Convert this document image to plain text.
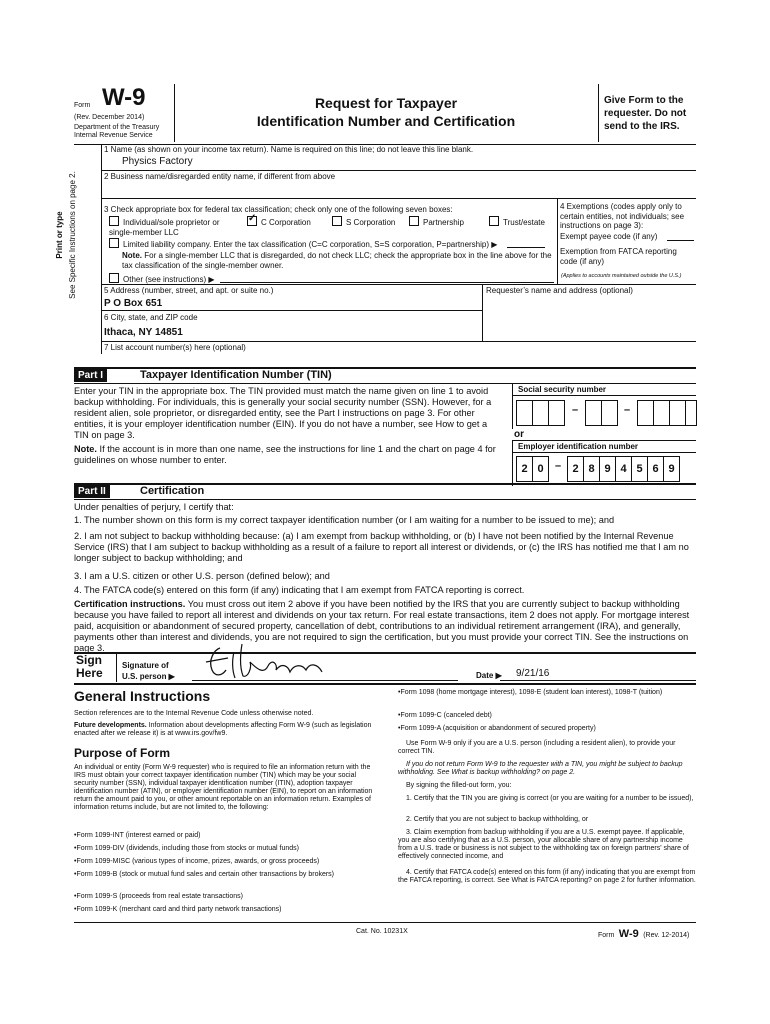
Form W-9
(Rev. December 2014)
Department of the Treasury
Internal Revenue Service
Request for Taxpayer
Identification Number and Certification
Give Form to the requester. Do not send to the IRS.
Print or type See Specific Instructions on page 2.
1 Name (as shown on your income tax return). Name is required on this line; do not leave this line blank.
Physics Factory
2 Business name/disregarded entity name, if different from above
3 Check appropriate box for federal tax classification; check only one of the following seven boxes:
Individual/sole proprietor or single-member LLC
✓C Corporation	S Corporation	Partnership	Trust/estate
Limited liability company. Enter the tax classification (C=C corporation, S=S corporation, P=partnership) ▶
Note. For a single-member LLC that is disregarded, do not check LLC; check the appropriate box in the line above for the tax classification of the single-member owner.
Other (see instructions) ▶
4 Exemptions (codes apply only to certain entities, not individuals; see instructions on page 3):
Exempt payee code (if any)
Exemption from FATCA reporting code (if any)
(Applies to accounts maintained outside the U.S.)
5 Address (number, street, and apt. or suite no.)
P O Box 651
Requester’s name and address (optional)
6 City, state, and ZIP code
Ithaca, NY 14851
7 List account number(s) here (optional)
Part I	Taxpayer Identification Number (TIN)
Enter your TIN in the appropriate box. The TIN provided must match the name given on line 1 to avoid backup withholding. For individuals, this is generally your social security number (SSN). However, for a resident alien, sole proprietor, or disregarded entity, see the Part I instructions on page 3. For other entities, it is your employer identification number (EIN). If you do not have a number, see How to get a TIN on page 3.
Note. If the account is in more than one name, see the instructions for line 1 and the chart on page 4 for guidelines on whose number to enter.
Social security number
–	–
or
Employer identification number
2 0	–	2 8 9 4 5 6 9
Part II	Certification
Under penalties of perjury, I certify that:
1. The number shown on this form is my correct taxpayer identification number (or I am waiting for a number to be issued to me); and
2. I am not subject to backup withholding because: (a) I am exempt from backup withholding, or (b) I have not been notified by the Internal Revenue Service (IRS) that I am subject to backup withholding as a result of a failure to report all interest or dividends, or (c) the IRS has notified me that I am no longer subject to backup withholding; and
3. I am a U.S. citizen or other U.S. person (defined below); and
4. The FATCA code(s) entered on this form (if any) indicating that I am exempt from FATCA reporting is correct.
Certification instructions. You must cross out item 2 above if you have been notified by the IRS that you are currently subject to backup withholding because you have failed to report all interest and dividends on your tax return. For real estate transactions, item 2 does not apply. For mortgage interest paid, acquisition or abandonment of secured property, cancellation of debt, contributions to an individual retirement arrangement (IRA), and generally, payments other than interest and dividends, you are not required to sign the certification, but you must provide your correct TIN. See the instructions on page 3.
Sign
Here
Signature of
U.S. person ▶	Date ▶ 9/21/16
General Instructions
Section references are to the Internal Revenue Code unless otherwise noted.
Future developments. Information about developments affecting Form W-9 (such as legislation enacted after we release it) is at www.irs.gov/fw9.
Purpose of Form
An individual or entity (Form W-9 requester) who is required to file an information return with the IRS must obtain your correct taxpayer identification number (TIN) which may be your social security number (SSN), individual taxpayer identification number (ITIN), adoption taxpayer identification number (ATIN), or employer identification number (EIN), to report on an information return the amount paid to you, or other amount reportable on an information return. Examples of information returns include, but are not limited to, the following:
• Form 1099-INT (interest earned or paid)
• Form 1099-DIV (dividends, including those from stocks or mutual funds)
• Form 1099-MISC (various types of income, prizes, awards, or gross proceeds)
• Form 1099-B (stock or mutual fund sales and certain other transactions by brokers)
• Form 1099-S (proceeds from real estate transactions)
• Form 1099-K (merchant card and third party network transactions)
• Form 1098 (home mortgage interest), 1098-E (student loan interest), 1098-T (tuition)
• Form 1099-C (canceled debt)
• Form 1099-A (acquisition or abandonment of secured property)
Use Form W-9 only if you are a U.S. person (including a resident alien), to provide your correct TIN.
If you do not return Form W-9 to the requester with a TIN, you might be subject to backup withholding. See What is backup withholding? on page 2.
By signing the filled-out form, you:
1. Certify that the TIN you are giving is correct (or you are waiting for a number to be issued),
2. Certify that you are not subject to backup withholding, or
3. Claim exemption from backup withholding if you are a U.S. exempt payee. If applicable, you are also certifying that as a U.S. person, your allocable share of any partnership income from a U.S. trade or business is not subject to the withholding tax on foreign partners' share of effectively connected income, and
4. Certify that FATCA code(s) entered on this form (if any) indicating that you are exempt from the FATCA reporting, is correct. See What is FATCA reporting? on page 2 for further information.
Cat. No. 10231X
Form W-9 (Rev. 12-2014)
